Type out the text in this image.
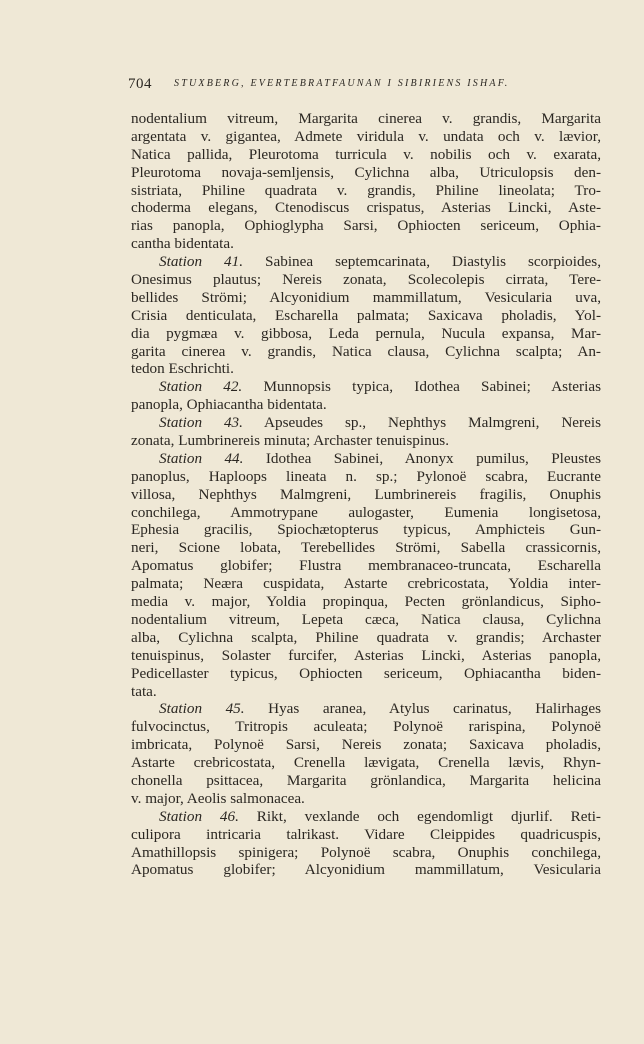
704 STUXBERG, EVERTEBRATFAUNAN I SIBIRIENS ISHAF.
nodentalium vitreum, Margarita cinerea v. grandis, Margarita
argentata v. gigantea, Admete viridula v. undata och v. lævior,
Natica pallida, Pleurotoma turricula v. nobilis och v. exarata,
Pleurotoma novaja-semljensis, Cylichna alba, Utriculopsis den-
sistriata, Philine quadrata v. grandis, Philine lineolata; Tro-
choderma elegans, Ctenodiscus crispatus, Asterias Lincki, Aste-
rias panopla, Ophioglypha Sarsi, Ophiocten sericeum, Ophia-
cantha bidentata.
Station 41. Sabinea septemcarinata, Diastylis scorpioides,
Onesimus plautus; Nereis zonata, Scolecolepis cirrata, Tere-
bellides Strömi; Alcyonidium mammillatum, Vesicularia uva,
Crisia denticulata, Escharella palmata; Saxicava pholadis, Yol-
dia pygmæa v. gibbosa, Leda pernula, Nucula expansa, Mar-
garita cinerea v. grandis, Natica clausa, Cylichna scalpta; An-
tedon Eschrichti.
Station 42. Munnopsis typica, Idothea Sabinei; Asterias
panopla, Ophiacantha bidentata.
Station 43. Apseudes sp., Nephthys Malmgreni, Nereis
zonata, Lumbrinereis minuta; Archaster tenuispinus.
Station 44. Idothea Sabinei, Anonyx pumilus, Pleustes
panoplus, Haploops lineata n. sp.; Pylonoë scabra, Eucrante
villosa, Nephthys Malmgreni, Lumbrinereis fragilis, Onuphis
conchilega, Ammotrypane aulogaster, Eumenia longisetosa,
Ephesia gracilis, Spiochætopterus typicus, Amphicteis Gun-
neri, Scione lobata, Terebellides Strömi, Sabella crassicornis,
Apomatus globifer; Flustra membranaceo-truncata, Escharella
palmata; Neæra cuspidata, Astarte crebricostata, Yoldia inter-
media v. major, Yoldia propinqua, Pecten grönlandicus, Sipho-
nodentalium vitreum, Lepeta cæca, Natica clausa, Cylichna
alba, Cylichna scalpta, Philine quadrata v. grandis; Archaster
tenuispinus, Solaster furcifer, Asterias Lincki, Asterias panopla,
Pedicellaster typicus, Ophiocten sericeum, Ophiacantha biden-
tata.
Station 45. Hyas aranea, Atylus carinatus, Halirhages
fulvocinctus, Tritropis aculeata; Polynoë rarispina, Polynoë
imbricata, Polynoë Sarsi, Nereis zonata; Saxicava pholadis,
Astarte crebricostata, Crenella lævigata, Crenella lævis, Rhyn-
chonella psittacea, Margarita grönlandica, Margarita helicina
v. major, Aeolis salmonacea.
Station 46. Rikt, vexlande och egendomligt djurlif. Reti-
culipora intricaria talrikast. Vidare Cleippides quadricuspis,
Amathillopsis spinigera; Polynoë scabra, Onuphis conchilega,
Apomatus globifer; Alcyonidium mammillatum, Vesicularia
